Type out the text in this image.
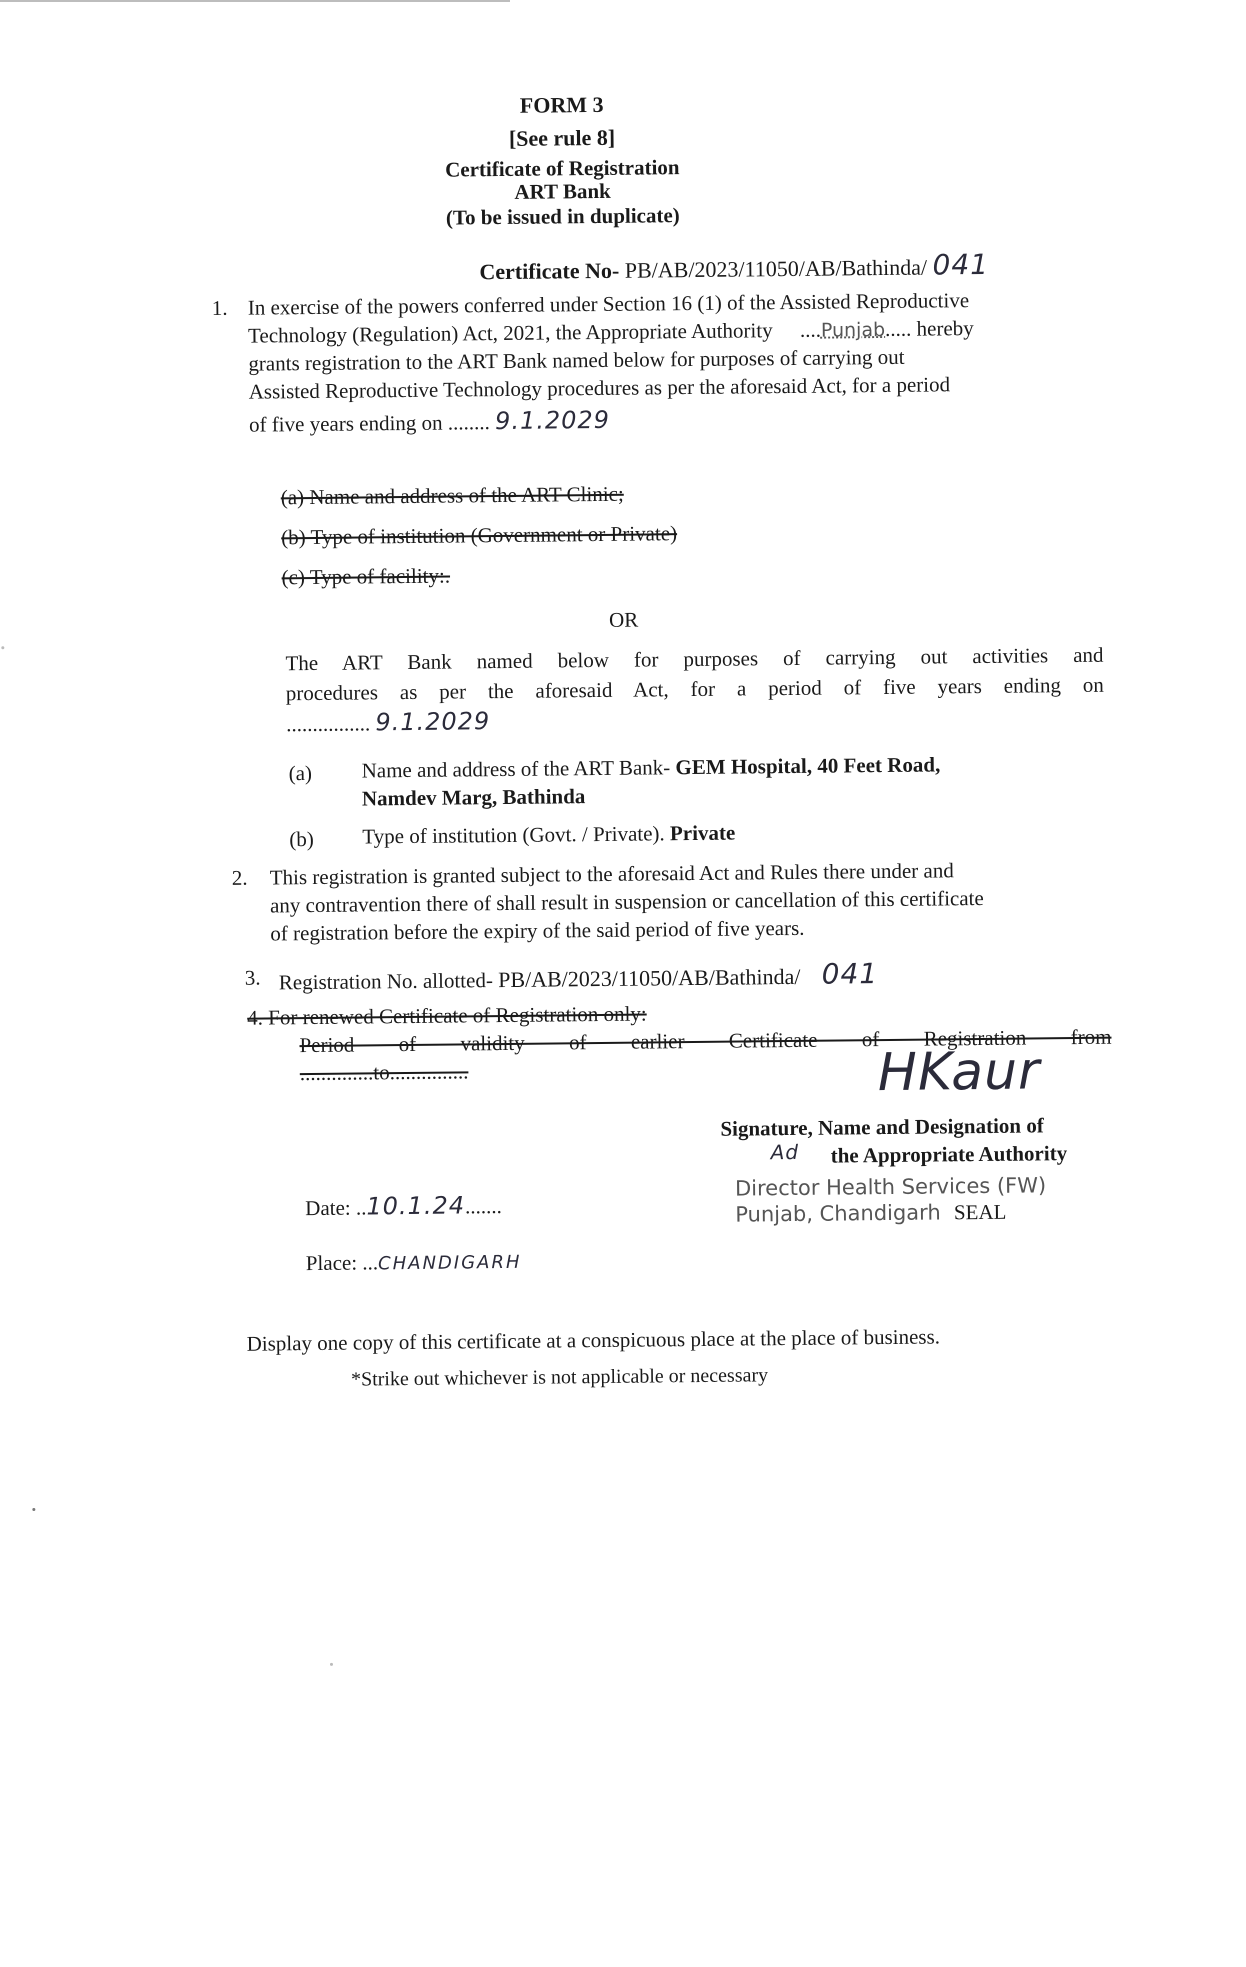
FORM 3
[See rule 8]
Certificate of Registration
ART Bank
(To be issued in duplicate)
Certificate No- PB/AB/2023/11050/AB/Bathinda/ 041
1. In exercise of the powers conferred under Section 16 (1) of the Assisted Reproductive
Technology (Regulation) Act, 2021, the Appropriate Authority ....Punjab..... hereby
grants registration to the ART Bank named below for purposes of carrying out
Assisted Reproductive Technology procedures as per the aforesaid Act, for a period
of five years ending on ........ 9.1.2029
(a) Name and address of the ART Clinic;
(b) Type of institution (Government or Private)
(c) Type of facility:.
OR
The ART Bank named below for purposes of carrying out activities and
procedures as per the aforesaid Act, for a period of five years ending on
................ 9.1.2029
(a) Name and address of the ART Bank- GEM Hospital, 40 Feet Road,
Namdev Marg, Bathinda
(b) Type of institution (Govt. / Private). Private
2. This registration is granted subject to the aforesaid Act and Rules there under and
any contravention there of shall result in suspension or cancellation of this certificate
of registration before the expiry of the said period of five years.
3. Registration No. allotted- PB/AB/2023/11050/AB/Bathinda/ 041
4. For renewed Certificate of Registration only:
Period of validity of earlier Certificate of Registration from
..............to...............	HKaur
Signature, Name and Designation of
Ad the Appropriate Authority
Director Health Services (FW)
Punjab, Chandigarh SEAL
Date: ..10.1.24.......
Place: ...CHANDIGARH
Display one copy of this certificate at a conspicuous place at the place of business.
*Strike out whichever is not applicable or necessary
